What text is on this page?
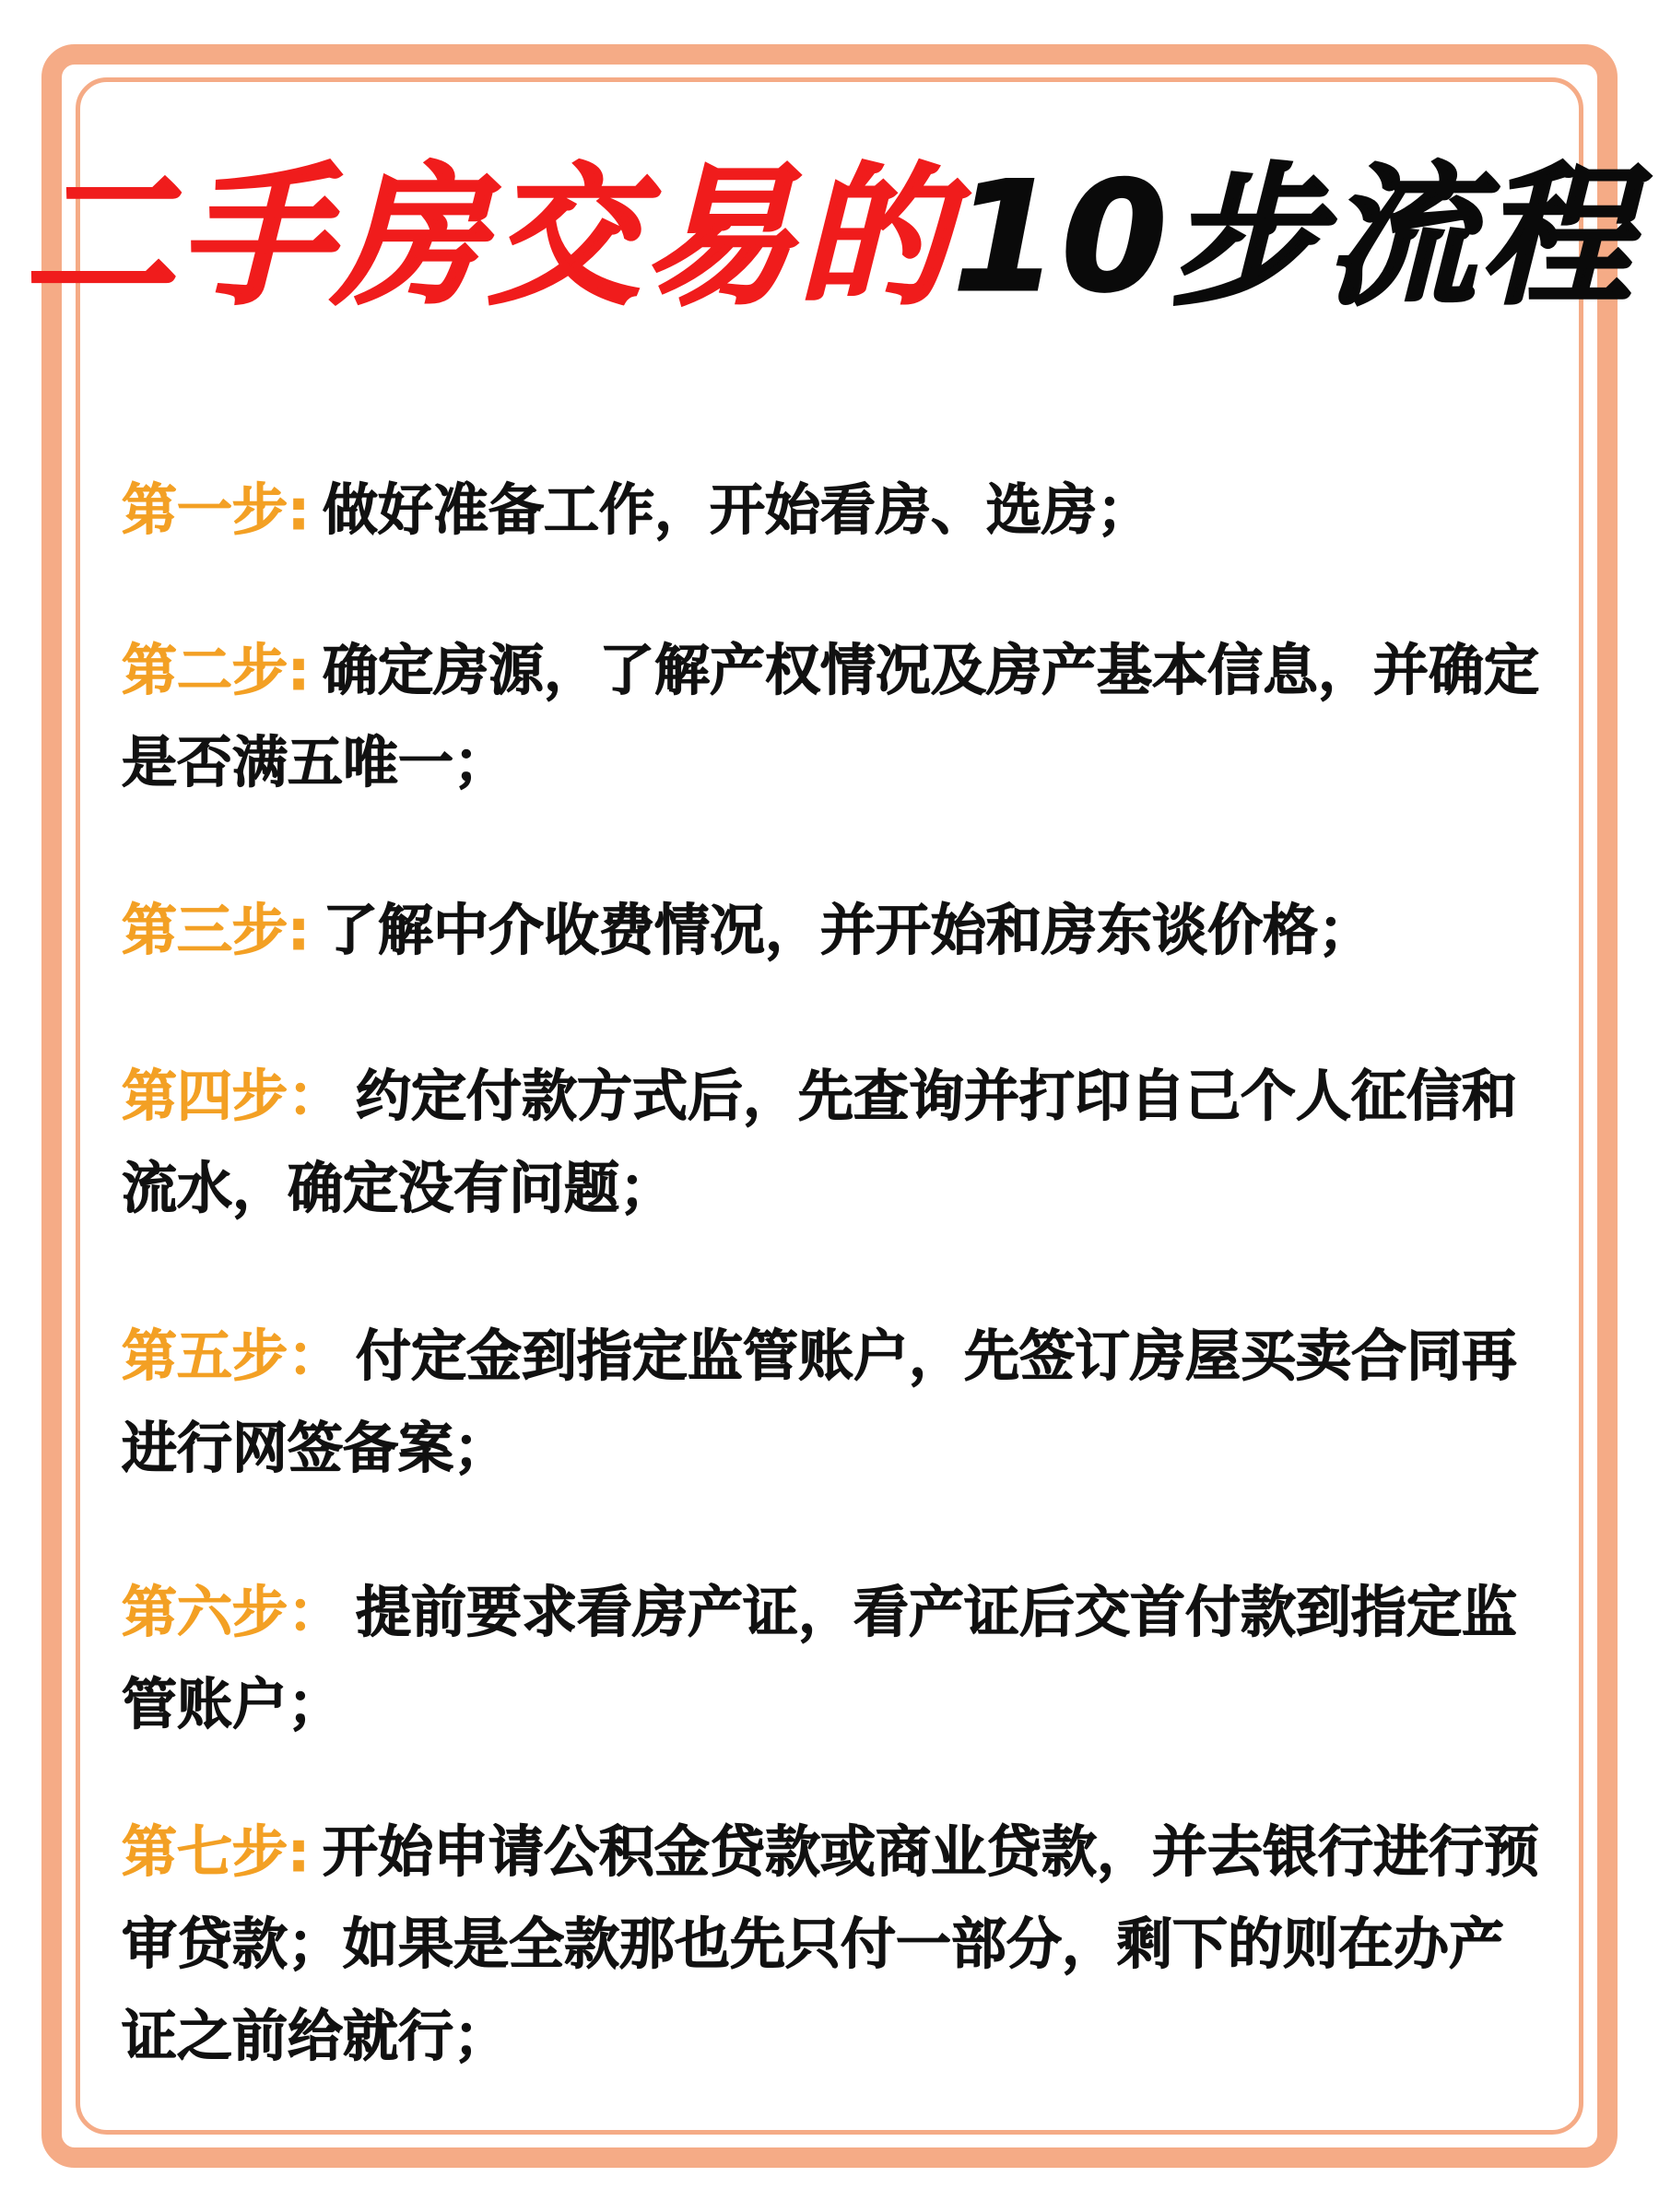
二手房交易的10步流程
第一步: 做好准备工作，开始看房、选房；
第二步: 确定房源，了解产权情况及房产基本信息，并确定是否满五唯一；
第三步: 了解中介收费情况，并开始和房东谈价格；
第四步： 约定付款方式后，先查询并打印自己个人征信和流水，确定没有问题；
第五步： 付定金到指定监管账户，先签订房屋买卖合同再进行网签备案；
第六步： 提前要求看房产证，看产证后交首付款到指定监管账户；
第七步: 开始申请公积金贷款或商业贷款，并去银行进行预审贷款；如果是全款那也先只付一部分，剩下的则在办产证之前给就行；
